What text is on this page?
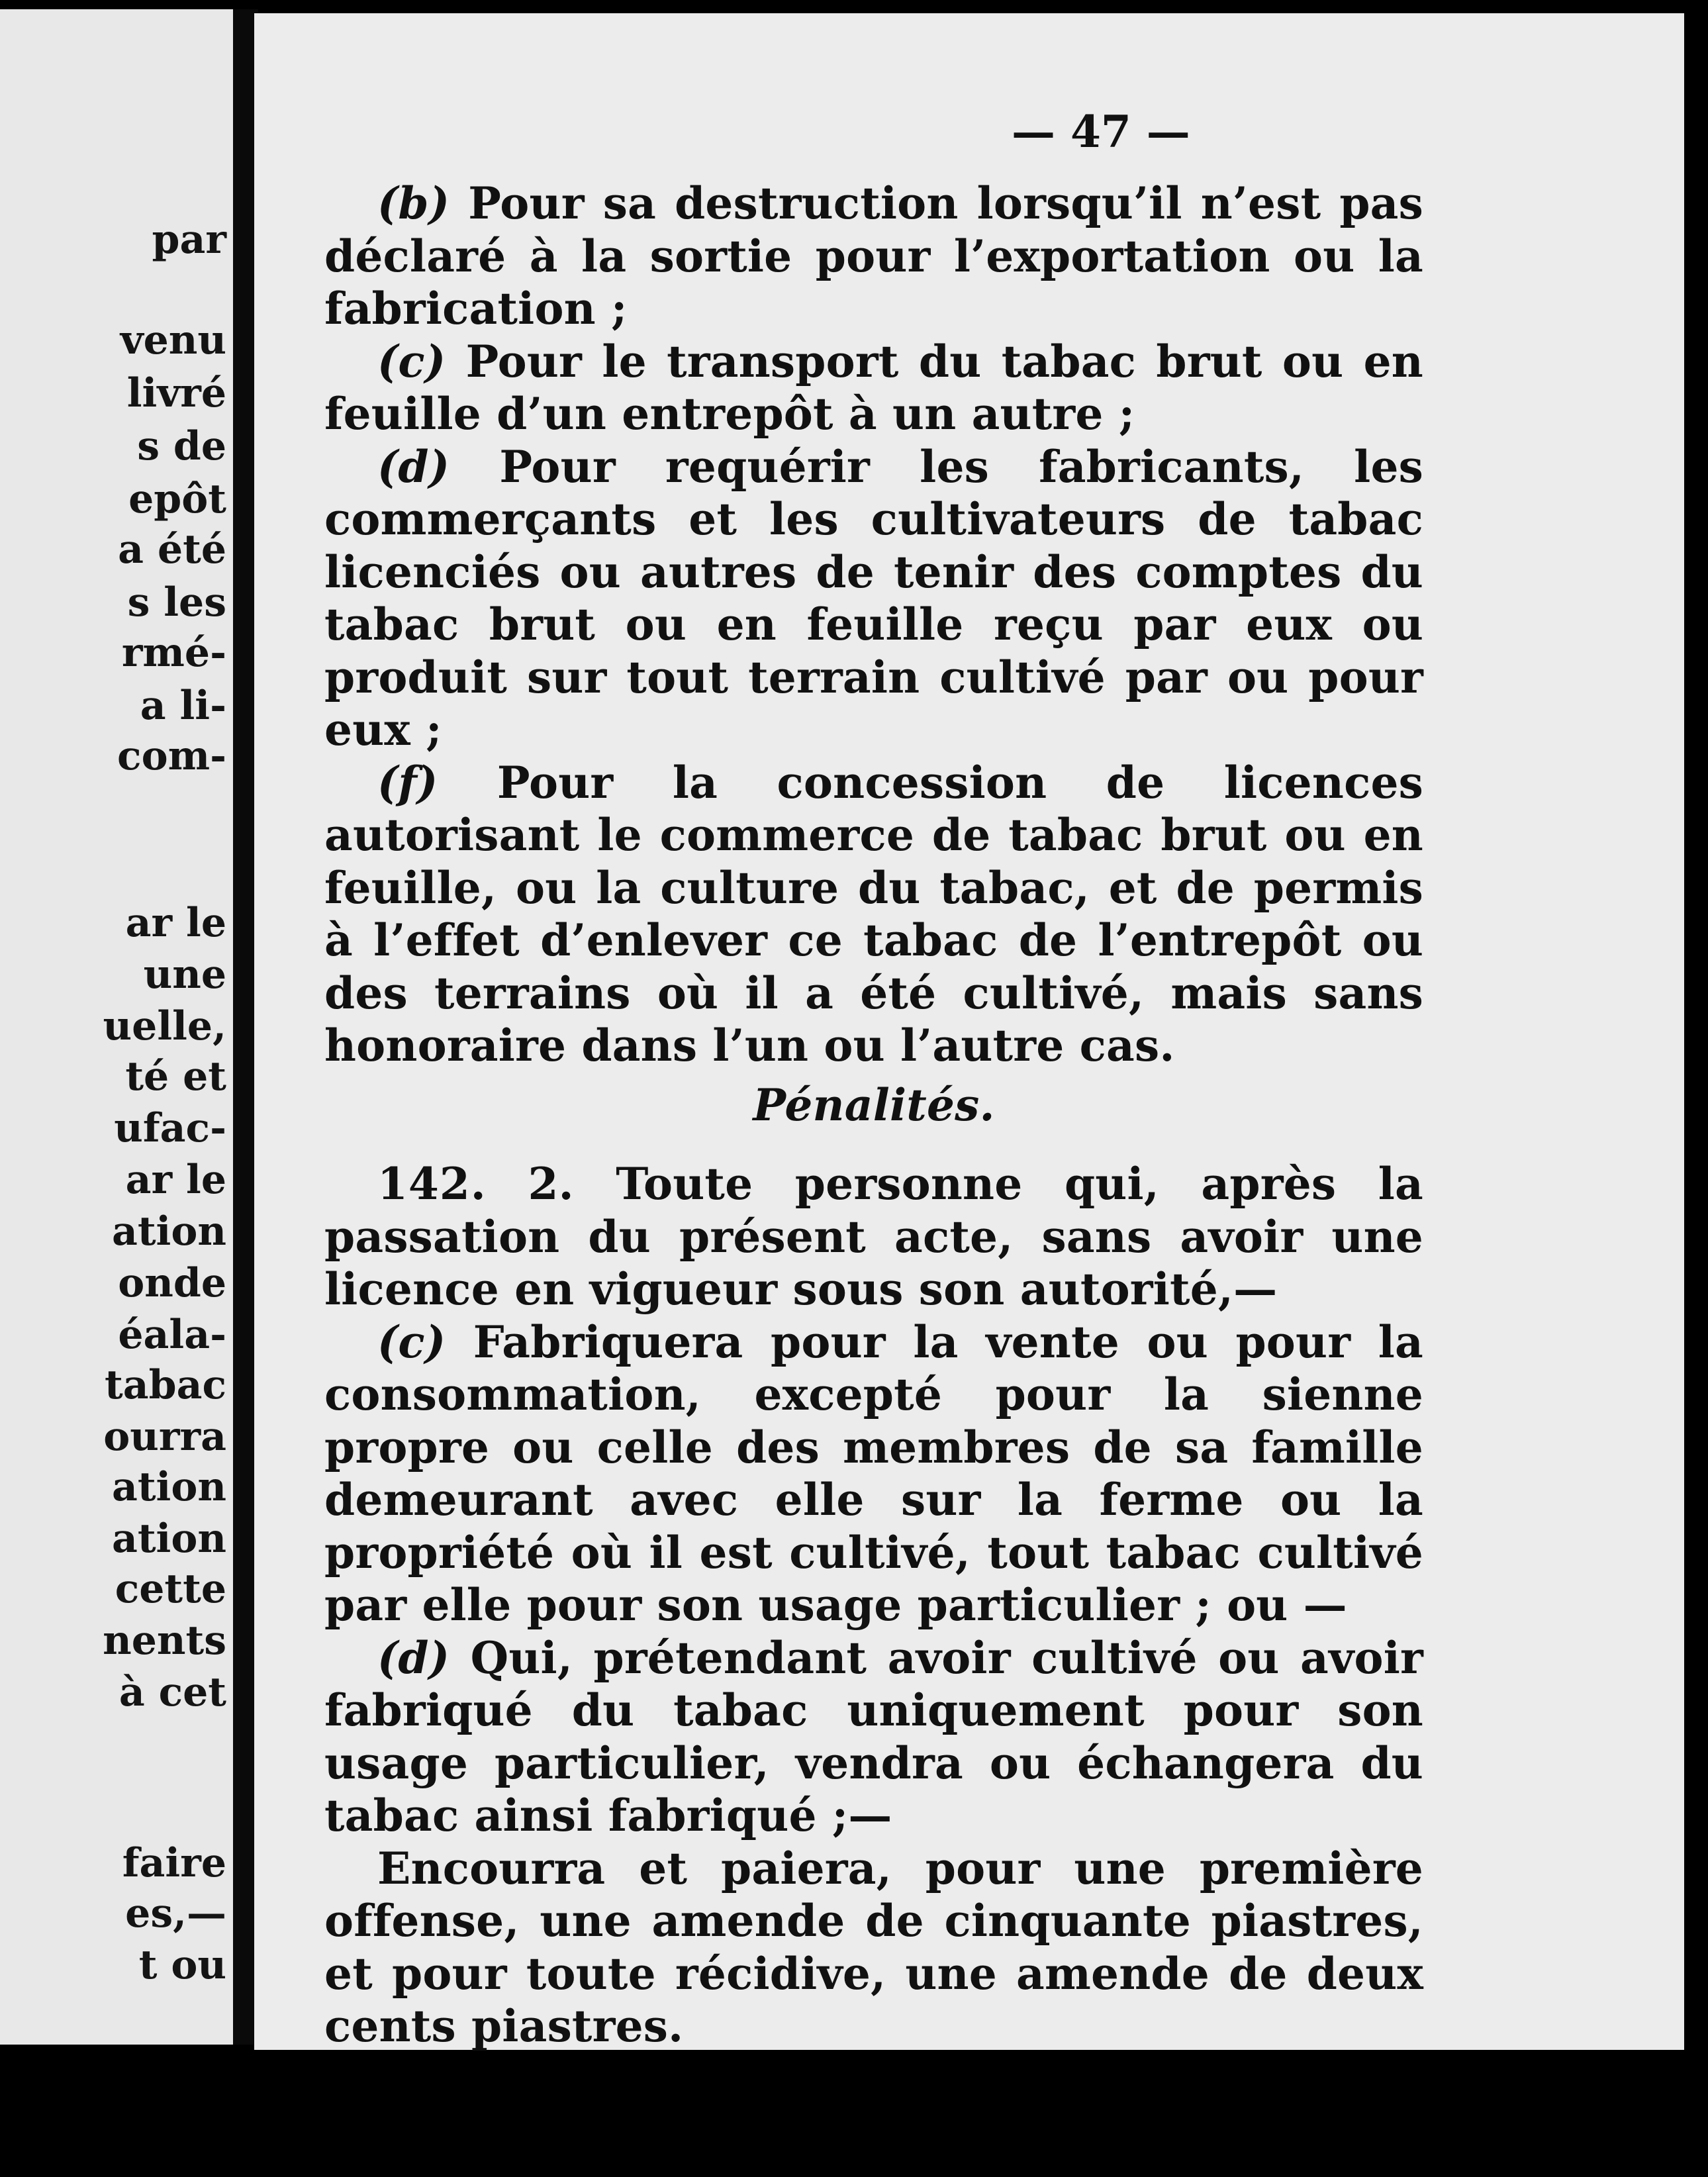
par
venu
livré
s de
epôt
a été
s les
rmé-
a li-
com-
ar le
une
uelle,
té et
ufac-
ar le
ation
onde
éala-
tabac
ourra
ation
ation
cette
nents
à cet
faire
es,—
t ou
— 47 —

(b) Pour sa destruction lorsqu’il n’est pas déclaré à la sortie pour l’exportation ou la fabrication ;

(c) Pour le transport du tabac brut ou en feuille d’un entrepôt à un autre ;

(d) Pour requérir les fabricants, les commerçants et les cultivateurs de tabac licenciés ou autres de tenir des comptes du tabac brut ou en feuille reçu par eux ou produit sur tout terrain cultivé par ou pour eux ;

(f) Pour la concession de licences autorisant le commerce de tabac brut ou en feuille, ou la culture du tabac, et de permis à l’effet d’enlever ce tabac de l’entrepôt ou des terrains où il a été cultivé, mais sans honoraire dans l’un ou l’autre cas.

Pénalités.

142. 2. Toute personne qui, après la passation du présent acte, sans avoir une licence en vigueur sous son autorité,—

(c) Fabriquera pour la vente ou pour la consommation, excepté pour la sienne propre ou celle des membres de sa famille demeurant avec elle sur la ferme ou la propriété où il est cultivé, tout tabac cultivé par elle pour son usage particulier ; ou —

(d) Qui, prétendant avoir cultivé ou avoir fabriqué du tabac uniquement pour son usage particulier, vendra ou échangera du tabac ainsi fabriqué ;—

Encourra et paiera, pour une première offense, une amende de cinquante piastres, et pour toute récidive, une amende de deux cents piastres.
